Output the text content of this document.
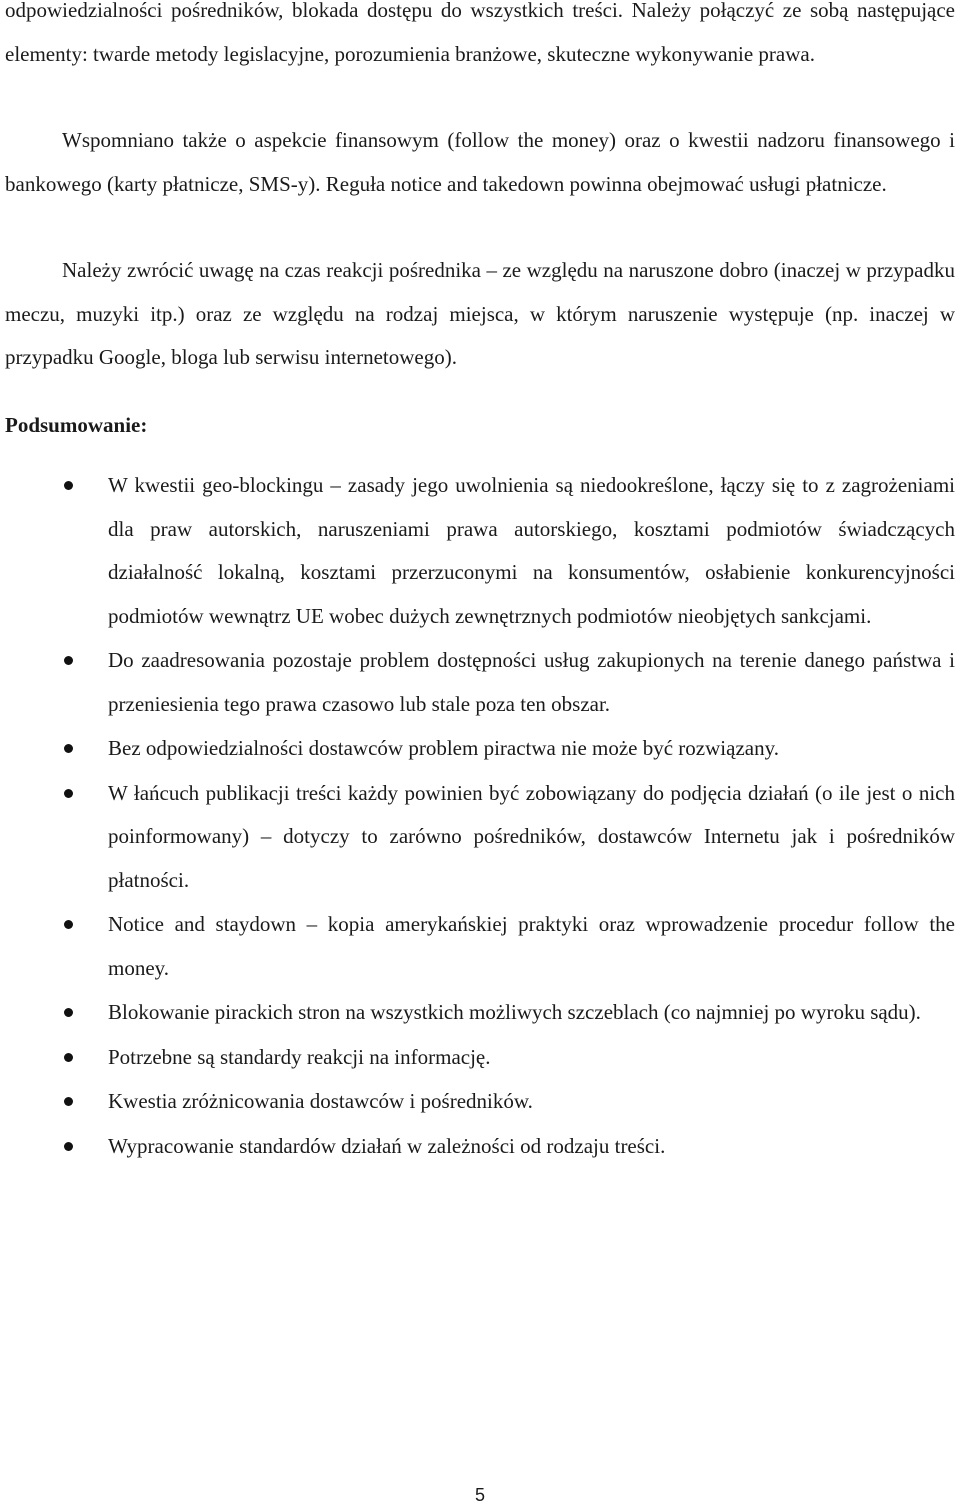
odpowiedzialności pośredników, blokada dostępu do wszystkich treści. Należy połączyć ze sobą następujące elementy: twarde metody legislacyjne, porozumienia branżowe, skuteczne wykonywanie prawa.

Wspomniano także o aspekcie finansowym (follow the money) oraz o kwestii nadzoru finansowego i bankowego (karty płatnicze, SMS-y). Reguła notice and takedown powinna obejmować usługi płatnicze.

Należy zwrócić uwagę na czas reakcji pośrednika – ze względu na naruszone dobro (inaczej w przypadku meczu, muzyki itp.) oraz ze względu na rodzaj miejsca, w którym naruszenie występuje (np. inaczej w przypadku Google, bloga lub serwisu internetowego).

Podsumowanie:
W kwestii geo-blockingu – zasady jego uwolnienia są niedookreślone, łączy się to z zagrożeniami dla praw autorskich, naruszeniami prawa autorskiego, kosztami podmiotów świadczących działalność lokalną, kosztami przerzuconymi na konsumentów, osłabienie konkurencyjności podmiotów wewnątrz UE wobec dużych zewnętrznych podmiotów nieobjętych sankcjami.
Do zaadresowania pozostaje problem dostępności usług zakupionych na terenie danego państwa i przeniesienia tego prawa czasowo lub stale poza ten obszar.
Bez odpowiedzialności dostawców problem piractwa nie może być rozwiązany.
W łańcuch publikacji treści każdy powinien być zobowiązany do podjęcia działań (o ile jest o nich poinformowany) – dotyczy to zarówno pośredników, dostawców Internetu jak i pośredników płatności.
Notice and staydown – kopia amerykańskiej praktyki oraz wprowadzenie procedur follow the money.
Blokowanie pirackich stron na wszystkich możliwych szczeblach (co najmniej po wyroku sądu).
Potrzebne są standardy reakcji na informację.
Kwestia zróżnicowania dostawców i pośredników.
Wypracowanie standardów działań w zależności od rodzaju treści.
5
